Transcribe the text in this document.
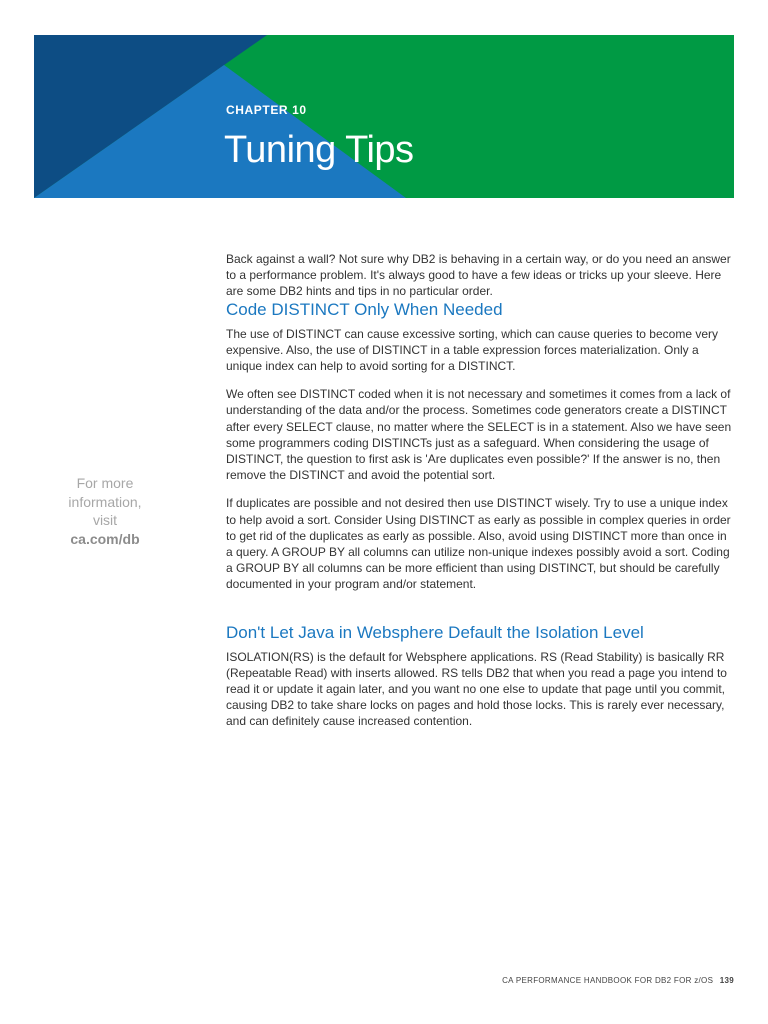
CHAPTER 10
Tuning Tips
For more
information,
visit
ca.com/db

Back against a wall? Not sure why DB2 is behaving in a certain way, or do you need an answer to a performance problem. It's always good to have a few ideas or tricks up your sleeve. Here are some DB2 hints and tips in no particular order.

Code DISTINCT Only When Needed

The use of DISTINCT can cause excessive sorting, which can cause queries to become very expensive. Also, the use of DISTINCT in a table expression forces materialization. Only a unique index can help to avoid sorting for a DISTINCT.

We often see DISTINCT coded when it is not necessary and sometimes it comes from a lack of understanding of the data and/or the process. Sometimes code generators create a DISTINCT after every SELECT clause, no matter where the SELECT is in a statement. Also we have seen some programmers coding DISTINCTs just as a safeguard. When considering the usage of DISTINCT, the question to first ask is 'Are duplicates even possible?' If the answer is no, then remove the DISTINCT and avoid the potential sort.

If duplicates are possible and not desired then use DISTINCT wisely. Try to use a unique index to help avoid a sort. Consider Using DISTINCT as early as possible in complex queries in order to get rid of the duplicates as early as possible. Also, avoid using DISTINCT more than once in a query. A GROUP BY all columns can utilize non-unique indexes possibly avoid a sort. Coding a GROUP BY all columns can be more efficient than using DISTINCT, but should be carefully documented in your program and/or statement.

Don't Let Java in Websphere Default the Isolation Level

ISOLATION(RS) is the default for Websphere applications. RS (Read Stability) is basically RR (Repeatable Read) with inserts allowed. RS tells DB2 that when you read a page you intend to read it or update it again later, and you want no one else to update that page until you commit, causing DB2 to take share locks on pages and hold those locks. This is rarely ever necessary, and can definitely cause increased contention.

CA PERFORMANCE HANDBOOK FOR DB2 FOR z/OS 139
